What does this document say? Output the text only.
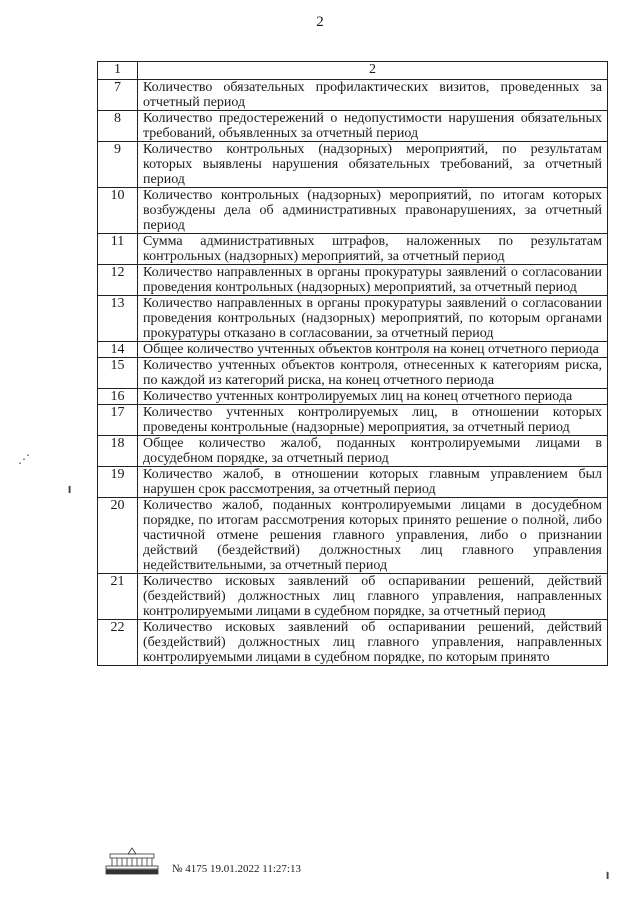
2
1	2
7	Количество обязательных профилактических визитов, проведенных за отчетный период
8	Количество предостережений о недопустимости нарушения обязательных требований, объявленных за отчетный период
9	Количество контрольных (надзорных) мероприятий, по результатам которых выявлены нарушения обязательных требований, за отчетный период
10	Количество контрольных (надзорных) мероприятий, по итогам которых возбуждены дела об административных правонарушениях, за отчетный период
11	Сумма административных штрафов, наложенных по результатам контрольных (надзорных) мероприятий, за отчетный период
12	Количество направленных в органы прокуратуры заявлений о согласовании проведения контрольных (надзорных) мероприятий, за отчетный период
13	Количество направленных в органы прокуратуры заявлений о согласовании проведения контрольных (надзорных) мероприятий, по которым органами прокуратуры отказано в согласовании, за отчетный период
14	Общее количество учтенных объектов контроля на конец отчетного периода
15	Количество учтенных объектов контроля, отнесенных к категориям риска, по каждой из категорий риска, на конец отчетного периода
16	Количество учтенных контролируемых лиц на конец отчетного периода
17	Количество учтенных контролируемых лиц, в отношении которых проведены контрольные (надзорные) мероприятия, за отчетный период
18	Общее количество жалоб, поданных контролируемыми лицами в досудебном порядке, за отчетный период
19	Количество жалоб, в отношении которых главным управлением был нарушен срок рассмотрения, за отчетный период
20	Количество жалоб, поданных контролируемыми лицами в досудебном порядке, по итогам рассмотрения которых принято решение о полной, либо частичной отмене решения главного управления, либо о признании действий (бездействий) должностных лиц главного управления недействительными, за отчетный период
21	Количество исковых заявлений об оспаривании решений, действий (бездействий) должностных лиц главного управления, направленных контролируемыми лицами в судебном порядке, за отчетный период
22	Количество исковых заявлений об оспаривании решений, действий (бездействий) должностных лиц главного управления, направленных контролируемыми лицами в судебном порядке, по которым принято
№ 4175 19.01.2022 11:27:13
⋰
╹
╹
